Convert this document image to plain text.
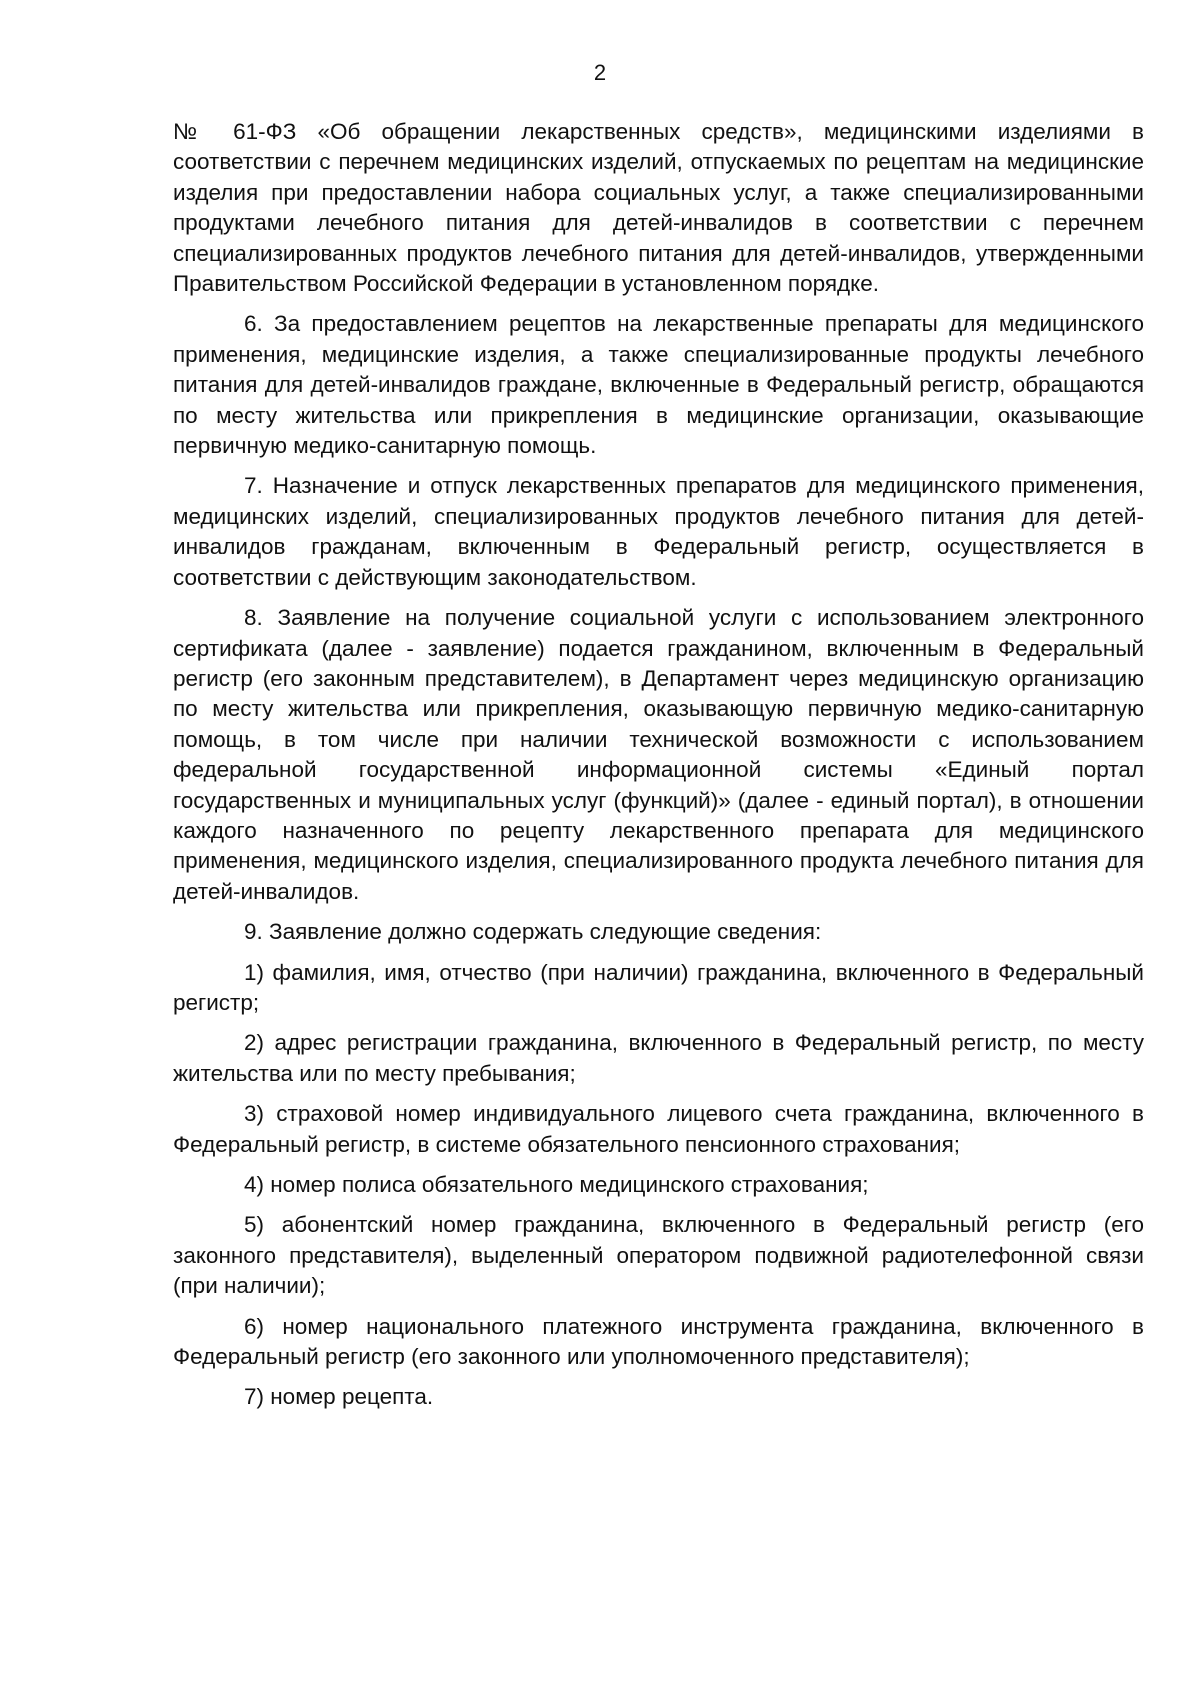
2

№ 61-ФЗ «Об обращении лекарственных средств», медицинскими изделиями в соответствии с перечнем медицинских изделий, отпускаемых по рецептам на медицинские изделия при предоставлении набора социальных услуг, а также специализированными продуктами лечебного питания для детей-инвалидов в соответствии с перечнем специализированных продуктов лечебного питания для детей-инвалидов, утвержденными Правительством Российской Федерации в установленном порядке.

6. За предоставлением рецептов на лекарственные препараты для медицинского применения, медицинские изделия, а также специализированные продукты лечебного питания для детей-инвалидов граждане, включенные в Федеральный регистр, обращаются по месту жительства или прикрепления в медицинские организации, оказывающие первичную медико-санитарную помощь.

7. Назначение и отпуск лекарственных препаратов для медицинского применения, медицинских изделий, специализированных продуктов лечебного питания для детей-инвалидов гражданам, включенным в Федеральный регистр, осуществляется в соответствии с действующим законодательством.

8. Заявление на получение социальной услуги с использованием электронного сертификата (далее - заявление) подается гражданином, включенным в Федеральный регистр (его законным представителем), в Департамент через медицинскую организацию по месту жительства или прикрепления, оказывающую первичную медико-санитарную помощь, в том числе при наличии технической возможности с использованием федеральной государственной информационной системы «Единый портал государственных и муниципальных услуг (функций)» (далее - единый портал), в отношении каждого назначенного по рецепту лекарственного препарата для медицинского применения, медицинского изделия, специализированного продукта лечебного питания для детей-инвалидов.

9. Заявление должно содержать следующие сведения:

1) фамилия, имя, отчество (при наличии) гражданина, включенного в Федеральный регистр;

2) адрес регистрации гражданина, включенного в Федеральный регистр, по месту жительства или по месту пребывания;

3) страховой номер индивидуального лицевого счета гражданина, включенного в Федеральный регистр, в системе обязательного пенсионного страхования;

4) номер полиса обязательного медицинского страхования;

5) абонентский номер гражданина, включенного в Федеральный регистр (его законного представителя), выделенный оператором подвижной радиотелефонной связи (при наличии);

6) номер национального платежного инструмента гражданина, включенного в Федеральный регистр (его законного или уполномоченного представителя);

7) номер рецепта.
